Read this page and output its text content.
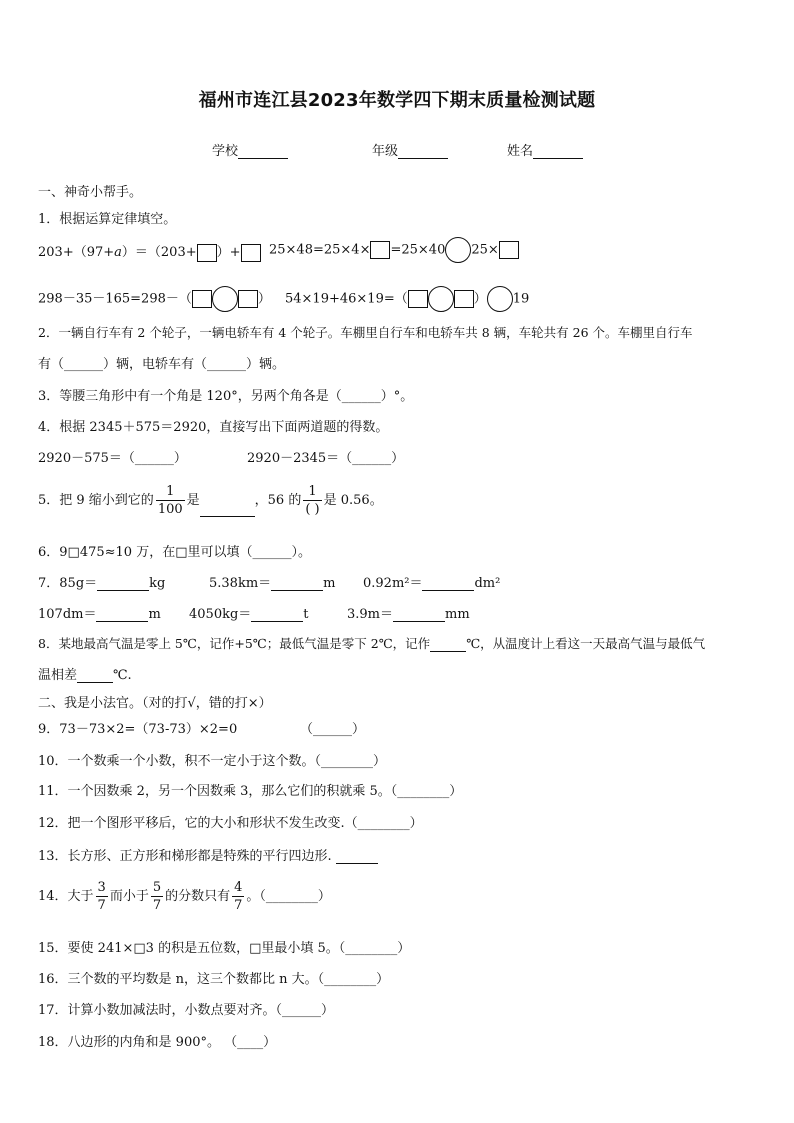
福州市连江县2023年数学四下期末质量检测试题
学校	年级	姓名
一、神奇小帮手。
1．根据运算定律填空。
203+（97+a）＝（203+ ）+	25×48=25×4× =25×40 25×
298－35－165=298－（	） 54×19+46×19=（	） 19
2．一辆自行车有 2 个轮子，一辆电轿车有 4 个轮子。车棚里自行车和电轿车共 8 辆，车轮共有 26 个。车棚里自行车
有（______）辆，电轿车有（______）辆。
3．等腰三角形中有一个角是 120°，另两个角各是（______）°。
4．根据 2345＋575＝2920，直接写出下面两道题的得数。
2920－575＝（______）	2920－2345＝（______）
5．把 9 缩小到它的 $\frac{1}{100}$ 是	，56 的 $\frac{1}{( )}$ 是 0.56。
6．9□475≈10 万，在□里可以填（______）。
7．85g＝	kg	5.38km＝	m 0.92m²＝	dm²
107dm＝	m 4050kg＝	t	3.9m＝	mm
8．某地最高气温是零上 5℃，记作+5℃；最低气温是零下 2℃，记作	℃，从温度计上看这一天最高气温与最低气
温相差	℃.
二、我是小法官。（对的打√，错的打×）
9．73－73×2=（73-73）×2=0	（______）
10．一个数乘一个小数，积不一定小于这个数。（________）
11．一个因数乘 2，另一个因数乘 3，那么它们的积就乘 5。（________）
12．把一个图形平移后，它的大小和形状不发生改变.（________）
13．长方形、正方形和梯形都是特殊的平行四边形.
14．大于 $\frac{3}{7}$ 而小于 $\frac{5}{7}$ 的分数只有 $\frac{4}{7}$ 。（________）
15．要使 241×□3 的积是五位数，□里最小填 5。（________）
16．三个数的平均数是 n，这三个数都比 n 大。（________）
17．计算小数加减法时，小数点要对齐。（______）
18．八边形的内角和是 900°。 （____）
